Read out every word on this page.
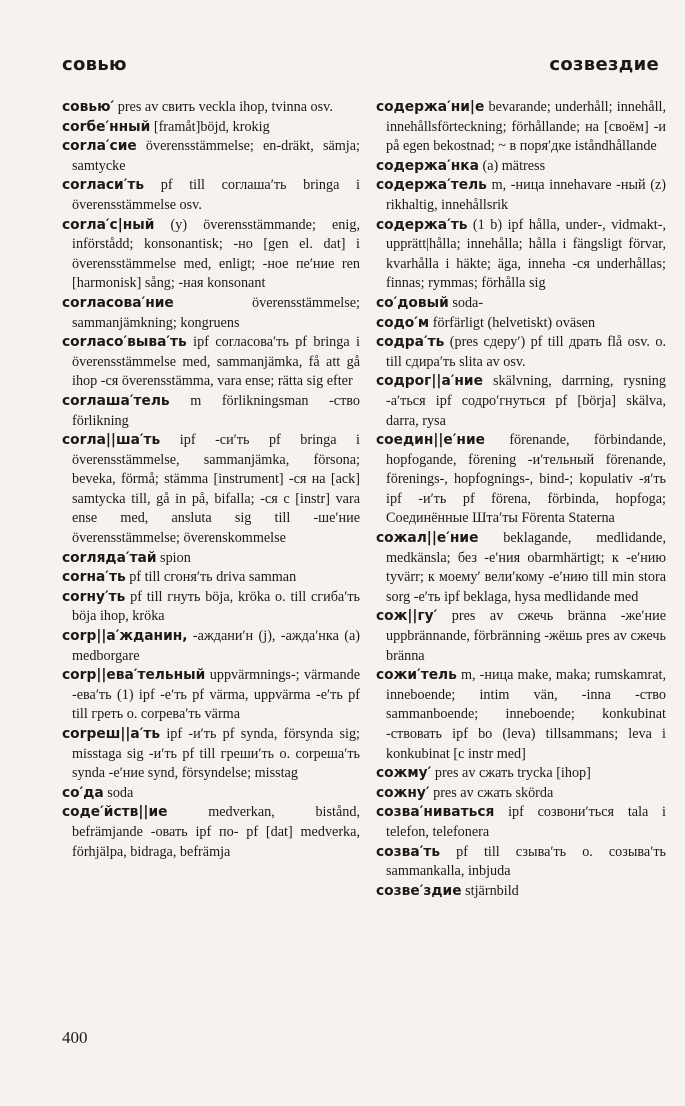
совью	созвездие
совью′ pres av свить veckla ihop, tvinna osv.
corбе′нный [framåt]böjd, krokig
corла′сие överensstämmelse; en-dräkt, sämja; samtycke
corласи′ть pf till cоглаша′ть bringa i överensstämmelse osv.
corла′с|ный (y) överensstämmande; enig, införstådd; konsonantisk; -но [gen el. dat] i överensstämmelse med, enligt; -ное пе′ние ren [harmonisk] sång; -ная konsonant
corласова′ние överensstämmelse; sammanjämkning; kongruens
corласо′выва′ть ipf corласова′ть pf bringa i överensstämmelse med, sammanjämka, få att gå ihop -ся överensstämma, vara ense; rätta sig efter
corлаша′тель m förlikningsman -ство förlikning
corла||ша′ть ipf -си′ть pf bringa i överensstämmelse, sammanjämka, försona; beveka, förmå; stämma [instrument] -ся на [ack] samtycka till, gå in på, bifalla; -ся с [instr] vara ense med, ansluta sig till -ше′ние överensstämmelse; överenskommelse
corляда′тай spion
corна′ть pf till сгоня′ть driva samman
corну′ть pf till гнуть böja, kröka o. till сгиба′ть böja ihop, kröka
corр||а′жданин, -аждани′н (j), -ажда′нка (a) medborgare
corр||ева′тельный uppvärmnings-; värmande -ева′ть (1) ipf -е′ть pf värma, uppvärma -е′ть pf till греть o. corрева′ть värma
corреш||а′ть ipf -и′ть pf synda, försynda sig; misstaga sig -и′ть pf till греши′ть o. corреша′ть synda -е′ние synd, försyndelse; misstag
со′да soda
соде′йств||ие medverkan, bistånd, befrämjande -овать ipf по- pf [dat] medverka, förhjälpa, bidraga, befrämja
содержа′ни|е bevarande; underhåll; innehåll, innehållsförteckning; förhållande; на [своём] -и på egen bekostnad; ~ в поря′дке iståndhållande
содержа′нка (a) mätress
содержа′тель m, -ница innehavare -ный (z) rikhaltig, innehållsrik
содержа′ть (1 b) ipf hålla, under-, vidmakt-, upprätt|hålla; innehålla; hålla i fängsligt förvar, kvarhålla i häkte; äga, inneha -ся underhållas; finnas; rymmas; förhålla sig
со′довый soda-
содо′м förfärligt (helvetiskt) oväsen
содра′ть (pres сдеру′) pf till драть flå osv. o. till сдира′ть slita av osv.
содрог||а′ние skälvning, darrning, rysning -а′ться ipf содро′гнуться pf [börja] skälva, darra, rysa
соедин||е′ние förenande, förbindande, hopfogande, förening -и′тельный förenande, förenings-, hopfognings-, bind-; kopulativ -я′ть ipf -и′ть pf förena, förbinda, hopfoga; Соединённые Шта′ты Förenta Staterna
сожал||е′ние beklagande, medlidande, medkänsla; без -е′ния obarmhärtigt; к -е′нию tyvärr; к моему′ вели′кому -е′нию till min stora sorg -е′ть ipf beklaga, hysa medlidande med
сож||гу′ pres av сжечь bränna -же′ние uppbrännande, förbränning -жёшь pres av сжечь bränna
сожи′тель m, -ница make, maka; rumskamrat, inneboende; intim vän, -inna -ство sammanboende; inneboende; konkubinat -ствовать ipf bo (leva) tillsammans; leva i konkubinat [с instr med]
сожму′ pres av сжать trycka [ihop]
сожну′ pres av сжать skörda
созва′ниваться ipf созвони′ться tala i telefon, telefonera
созва′ть pf till сзыва′ть o. созыва′ть sammankalla, inbjuda
созве′здие stjärnbild
400
